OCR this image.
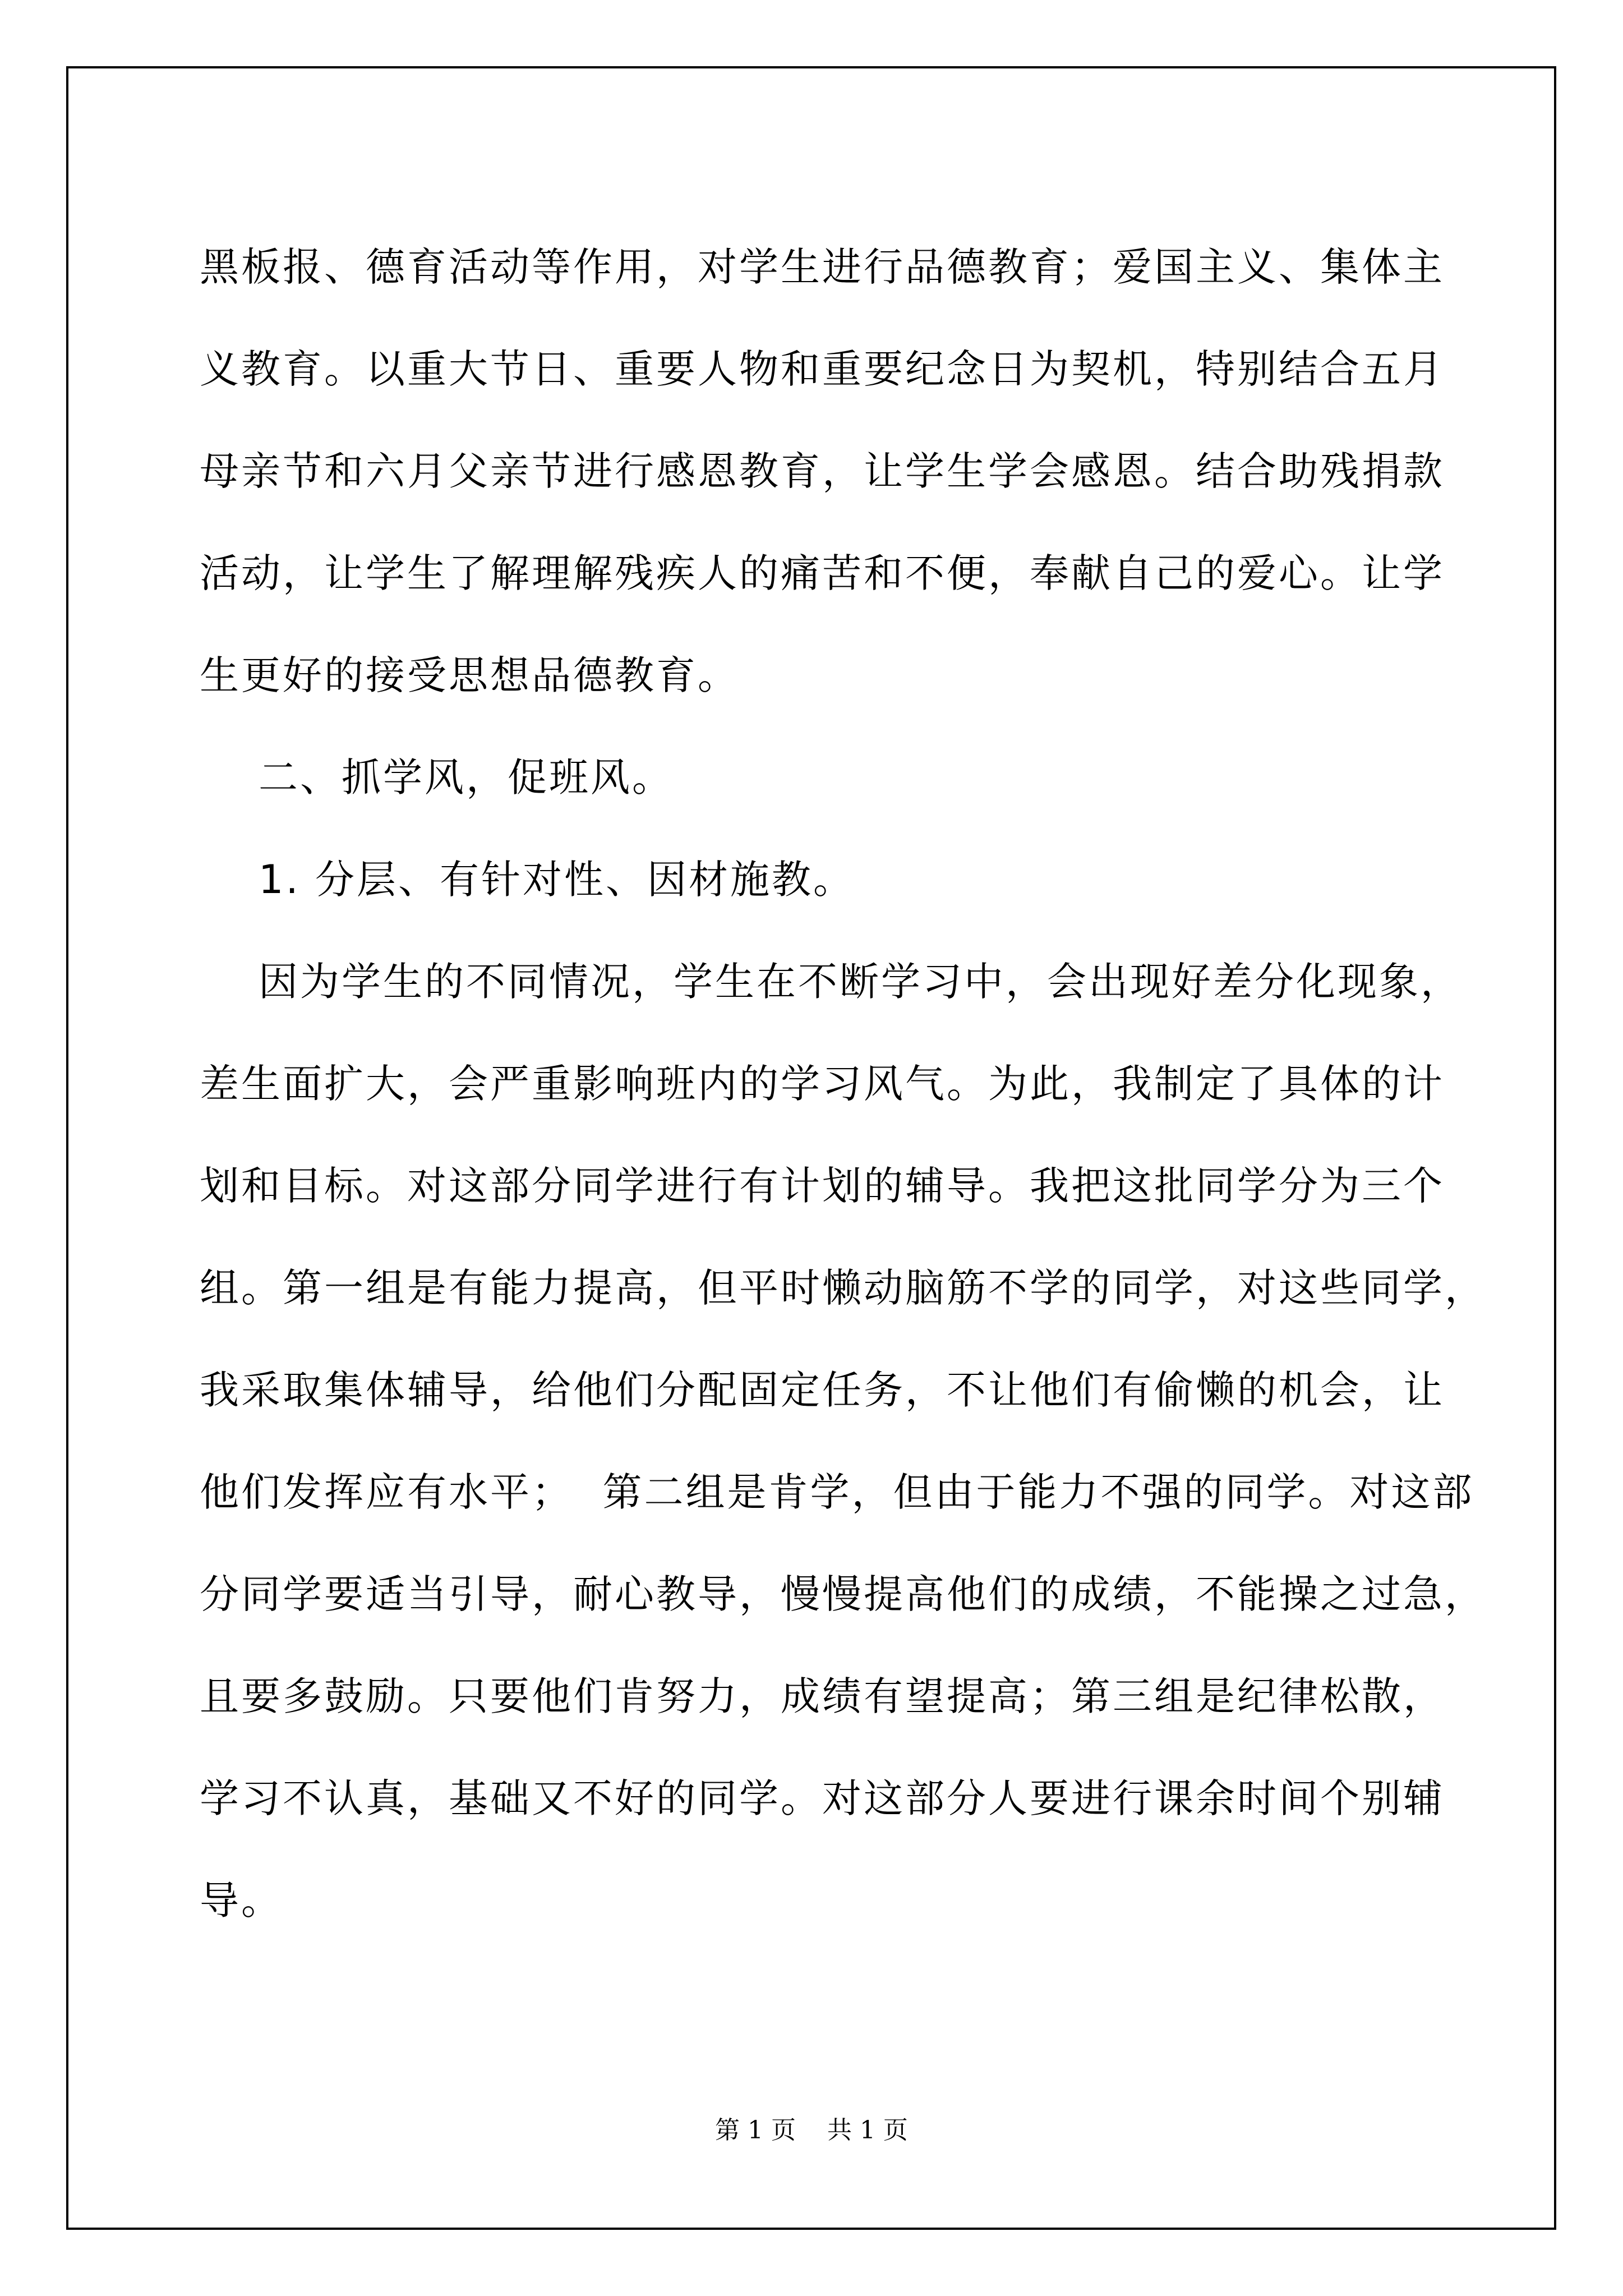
黑板报、德育活动等作用，对学生进行品德教育；爱国主义、集体主

义教育。以重大节日、重要人物和重要纪念日为契机，特别结合五月

母亲节和六月父亲节进行感恩教育，让学生学会感恩。结合助残捐款

活动，让学生了解理解残疾人的痛苦和不便，奉献自己的爱心。让学

生更好的接受思想品德教育。

二、抓学风，促班风。

1. 分层、有针对性、因材施教。

因为学生的不同情况，学生在不断学习中，会出现好差分化现象，

差生面扩大，会严重影响班内的学习风气。为此，我制定了具体的计

划和目标。对这部分同学进行有计划的辅导。我把这批同学分为三个

组。第一组是有能力提高，但平时懒动脑筋不学的同学，对这些同学，

我采取集体辅导，给他们分配固定任务，不让他们有偷懒的机会，让

他们发挥应有水平；  第二组是肯学，但由于能力不强的同学。对这部

分同学要适当引导，耐心教导，慢慢提高他们的成绩，不能操之过急，

且要多鼓励。只要他们肯努力，成绩有望提高；第三组是纪律松散，

学习不认真，基础又不好的同学。对这部分人要进行课余时间个别辅

导。

第 1 页    共 1 页
